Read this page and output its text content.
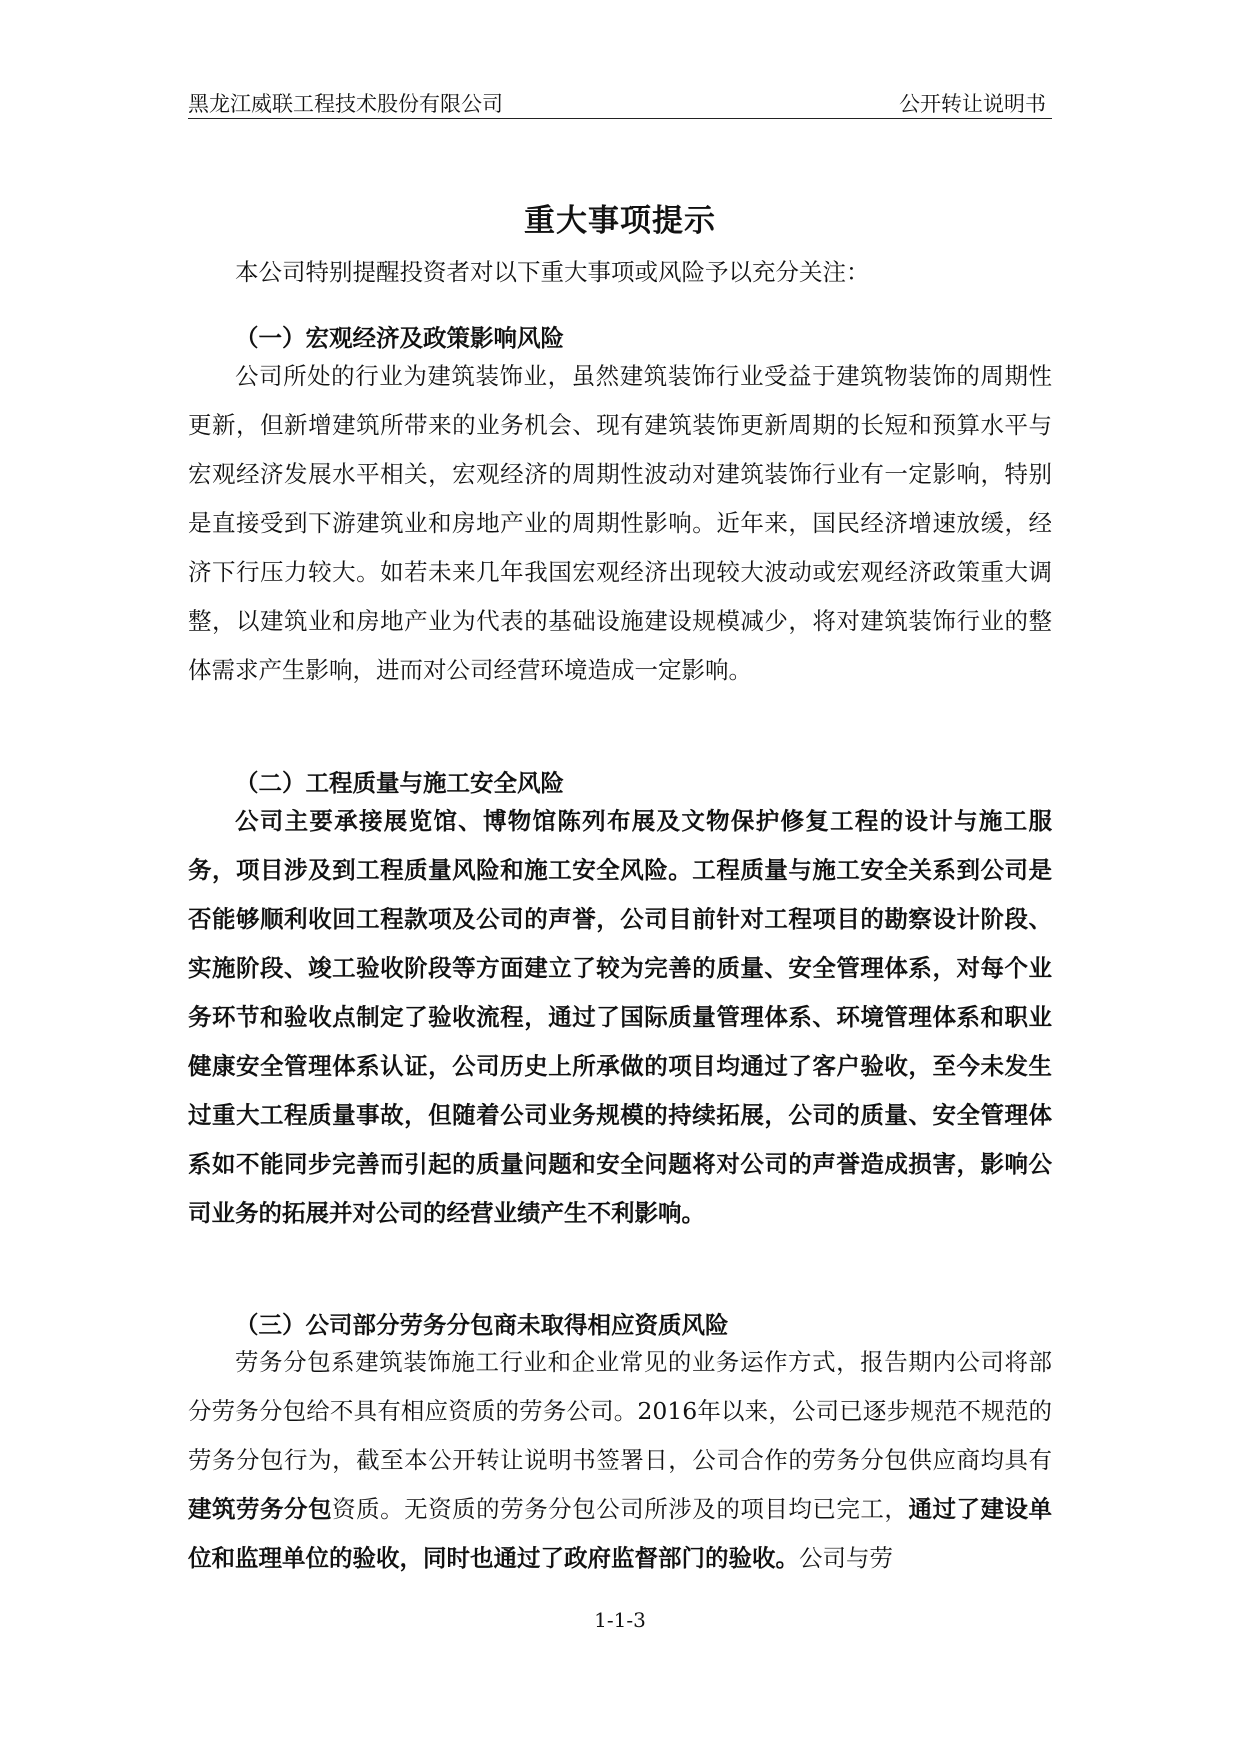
黑龙江威联工程技术股份有限公司	公开转让说明书
重大事项提示

本公司特别提醒投资者对以下重大事项或风险予以充分关注：

（一）宏观经济及政策影响风险

公司所处的行业为建筑装饰业，虽然建筑装饰行业受益于建筑物装饰的周期性更新，但新增建筑所带来的业务机会、现有建筑装饰更新周期的长短和预算水平与宏观经济发展水平相关，宏观经济的周期性波动对建筑装饰行业有一定影响，特别是直接受到下游建筑业和房地产业的周期性影响。近年来，国民经济增速放缓，经济下行压力较大。如若未来几年我国宏观经济出现较大波动或宏观经济政策重大调整，以建筑业和房地产业为代表的基础设施建设规模减少，将对建筑装饰行业的整体需求产生影响，进而对公司经营环境造成一定影响。

（二）工程质量与施工安全风险

公司主要承接展览馆、博物馆陈列布展及文物保护修复工程的设计与施工服务，项目涉及到工程质量风险和施工安全风险。工程质量与施工安全关系到公司是否能够顺利收回工程款项及公司的声誉，公司目前针对工程项目的勘察设计阶段、实施阶段、竣工验收阶段等方面建立了较为完善的质量、安全管理体系，对每个业务环节和验收点制定了验收流程，通过了国际质量管理体系、环境管理体系和职业健康安全管理体系认证，公司历史上所承做的项目均通过了客户验收，至今未发生过重大工程质量事故，但随着公司业务规模的持续拓展，公司的质量、安全管理体系如不能同步完善而引起的质量问题和安全问题将对公司的声誉造成损害，影响公司业务的拓展并对公司的经营业绩产生不利影响。

（三）公司部分劳务分包商未取得相应资质风险

劳务分包系建筑装饰施工行业和企业常见的业务运作方式，报告期内公司将部分劳务分包给不具有相应资质的劳务公司。2016年以来，公司已逐步规范不规范的劳务分包行为，截至本公开转让说明书签署日，公司合作的劳务分包供应商均具有建筑劳务分包资质。无资质的劳务分包公司所涉及的项目均已完工，通过了建设单位和监理单位的验收，同时也通过了政府监督部门的验收。公司与劳

1-1-3
